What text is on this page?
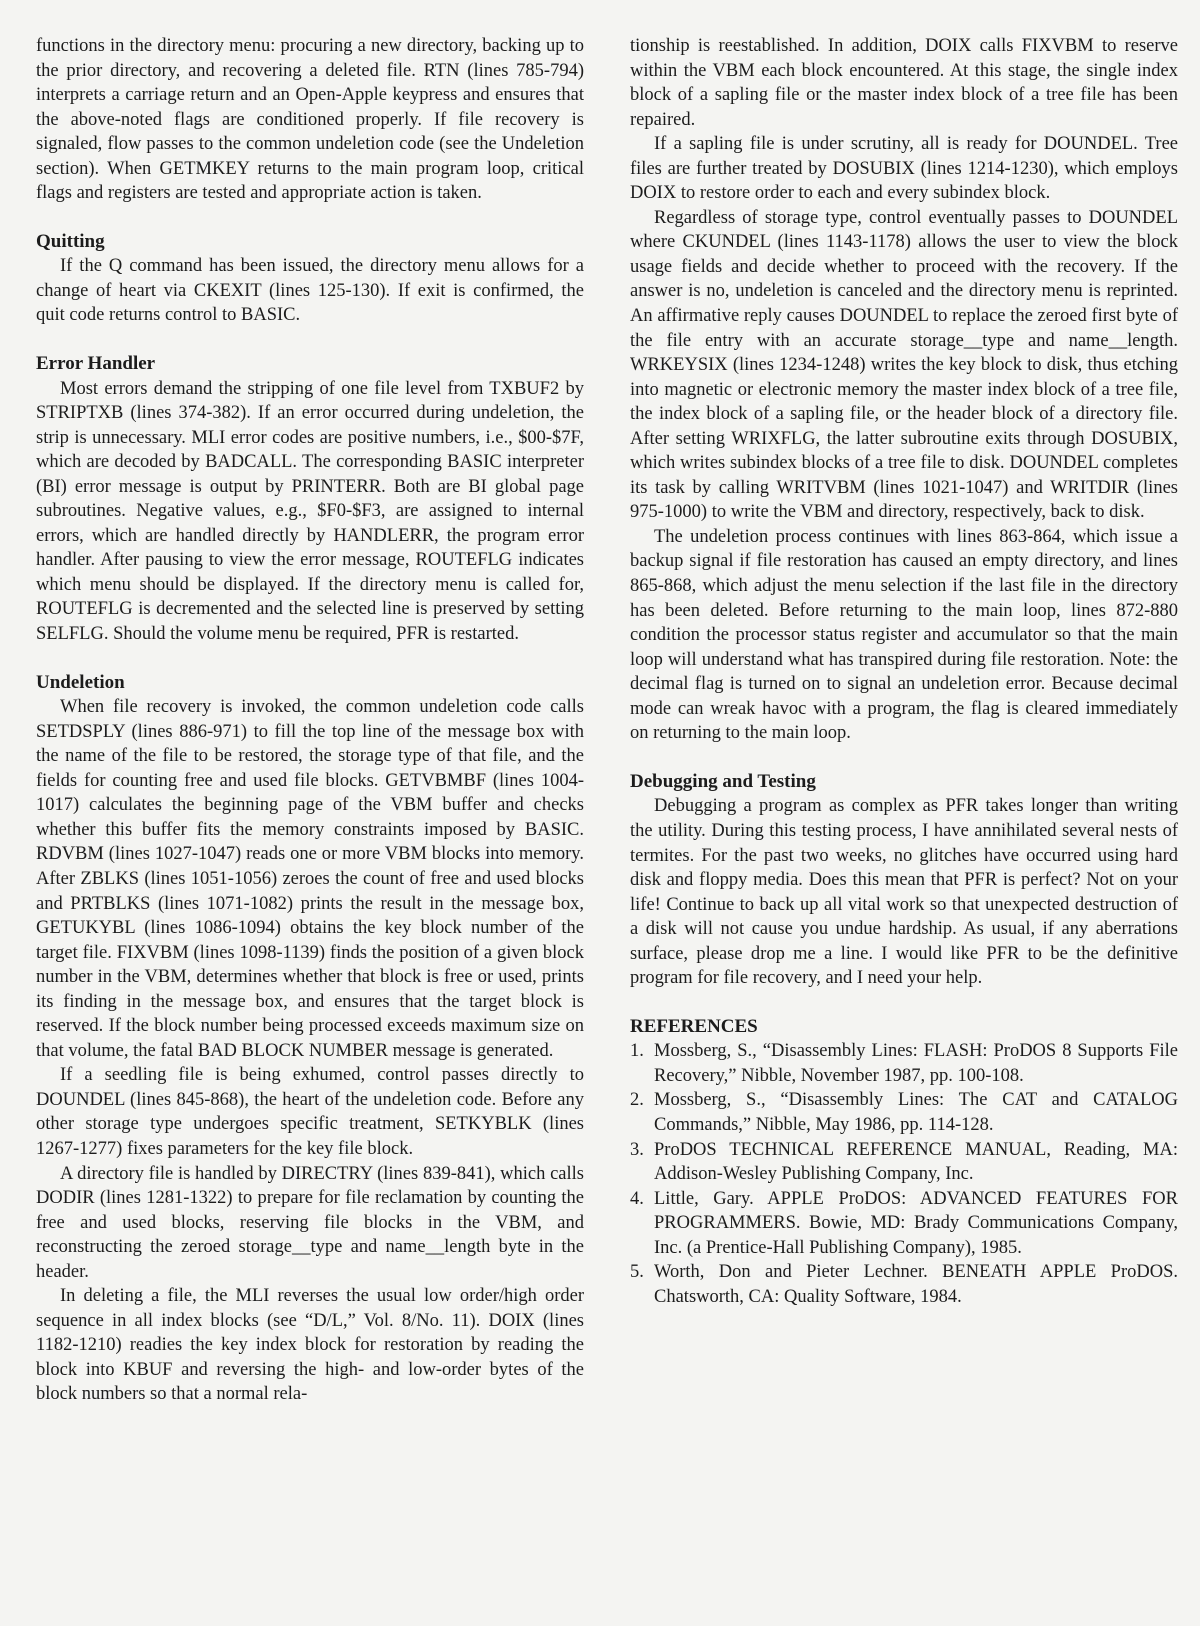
functions in the directory menu: procuring a new directory, backing up to the prior directory, and recovering a deleted file. RTN (lines 785-794) interprets a carriage return and an Open-Apple keypress and ensures that the above-noted flags are conditioned properly. If file recovery is signaled, flow passes to the common undeletion code (see the Undeletion section). When GETMKEY returns to the main program loop, critical flags and registers are tested and appropriate action is taken.

Quitting

If the Q command has been issued, the directory menu allows for a change of heart via CKEXIT (lines 125-130). If exit is confirmed, the quit code returns control to BASIC.

Error Handler

Most errors demand the stripping of one file level from TXBUF2 by STRIPTXB (lines 374-382). If an error occurred during undeletion, the strip is unnecessary. MLI error codes are positive numbers, i.e., $00-$7F, which are decoded by BADCALL. The corresponding BASIC interpreter (BI) error message is output by PRINTERR. Both are BI global page subroutines. Negative values, e.g., $F0-$F3, are assigned to internal errors, which are handled directly by HANDLERR, the program error handler. After pausing to view the error message, ROUTEFLG indicates which menu should be displayed. If the directory menu is called for, ROUTEFLG is decremented and the selected line is preserved by setting SELFLG. Should the volume menu be required, PFR is restarted.

Undeletion

When file recovery is invoked, the common undeletion code calls SETDSPLY (lines 886-971) to fill the top line of the message box with the name of the file to be restored, the storage type of that file, and the fields for counting free and used file blocks. GETVBMBF (lines 1004-1017) calculates the beginning page of the VBM buffer and checks whether this buffer fits the memory constraints imposed by BASIC. RDVBM (lines 1027-1047) reads one or more VBM blocks into memory. After ZBLKS (lines 1051-1056) zeroes the count of free and used blocks and PRTBLKS (lines 1071-1082) prints the result in the message box, GETUKYBL (lines 1086-1094) obtains the key block number of the target file. FIXVBM (lines 1098-1139) finds the position of a given block number in the VBM, determines whether that block is free or used, prints its finding in the message box, and ensures that the target block is reserved. If the block number being processed exceeds maximum size on that volume, the fatal BAD BLOCK NUMBER message is generated.

If a seedling file is being exhumed, control passes directly to DOUNDEL (lines 845-868), the heart of the undeletion code. Before any other storage type undergoes specific treatment, SETKYBLK (lines 1267-1277) fixes parameters for the key file block.

A directory file is handled by DIRECTRY (lines 839-841), which calls DODIR (lines 1281-1322) to prepare for file reclamation by counting the free and used blocks, reserving file blocks in the VBM, and reconstructing the zeroed storage__type and name__length byte in the header.

In deleting a file, the MLI reverses the usual low order/high order sequence in all index blocks (see “D/L,” Vol. 8/No. 11). DOIX (lines 1182-1210) readies the key index block for restoration by reading the block into KBUF and reversing the high- and low-order bytes of the block numbers so that a normal rela-

tionship is reestablished. In addition, DOIX calls FIXVBM to reserve within the VBM each block encountered. At this stage, the single index block of a sapling file or the master index block of a tree file has been repaired.

If a sapling file is under scrutiny, all is ready for DOUNDEL. Tree files are further treated by DOSUBIX (lines 1214-1230), which employs DOIX to restore order to each and every subindex block.

Regardless of storage type, control eventually passes to DOUNDEL where CKUNDEL (lines 1143-1178) allows the user to view the block usage fields and decide whether to proceed with the recovery. If the answer is no, undeletion is canceled and the directory menu is reprinted. An affirmative reply causes DOUNDEL to replace the zeroed first byte of the file entry with an accurate storage__type and name__length. WRKEYSIX (lines 1234-1248) writes the key block to disk, thus etching into magnetic or electronic memory the master index block of a tree file, the index block of a sapling file, or the header block of a directory file. After setting WRIXFLG, the latter subroutine exits through DOSUBIX, which writes subindex blocks of a tree file to disk. DOUNDEL completes its task by calling WRITVBM (lines 1021-1047) and WRITDIR (lines 975-1000) to write the VBM and directory, respectively, back to disk.

The undeletion process continues with lines 863-864, which issue a backup signal if file restoration has caused an empty directory, and lines 865-868, which adjust the menu selection if the last file in the directory has been deleted. Before returning to the main loop, lines 872-880 condition the processor status register and accumulator so that the main loop will understand what has transpired during file restoration. Note: the decimal flag is turned on to signal an undeletion error. Because decimal mode can wreak havoc with a program, the flag is cleared immediately on returning to the main loop.

Debugging and Testing

Debugging a program as complex as PFR takes longer than writing the utility. During this testing process, I have annihilated several nests of termites. For the past two weeks, no glitches have occurred using hard disk and floppy media. Does this mean that PFR is perfect? Not on your life! Continue to back up all vital work so that unexpected destruction of a disk will not cause you undue hardship. As usual, if any aberrations surface, please drop me a line. I would like PFR to be the definitive program for file recovery, and I need your help.

REFERENCES
1. Mossberg, S., “Disassembly Lines: FLASH: ProDOS 8 Supports File Recovery,” Nibble, November 1987, pp. 100-108.
2. Mossberg, S., “Disassembly Lines: The CAT and CATALOG Commands,” Nibble, May 1986, pp. 114-128.
3. ProDOS TECHNICAL REFERENCE MANUAL, Reading, MA: Addison-Wesley Publishing Company, Inc.
4. Little, Gary. APPLE ProDOS: ADVANCED FEATURES FOR PROGRAMMERS. Bowie, MD: Brady Communications Company, Inc. (a Prentice-Hall Publishing Company), 1985.
5. Worth, Don and Pieter Lechner. BENEATH APPLE ProDOS. Chatsworth, CA: Quality Software, 1984.
